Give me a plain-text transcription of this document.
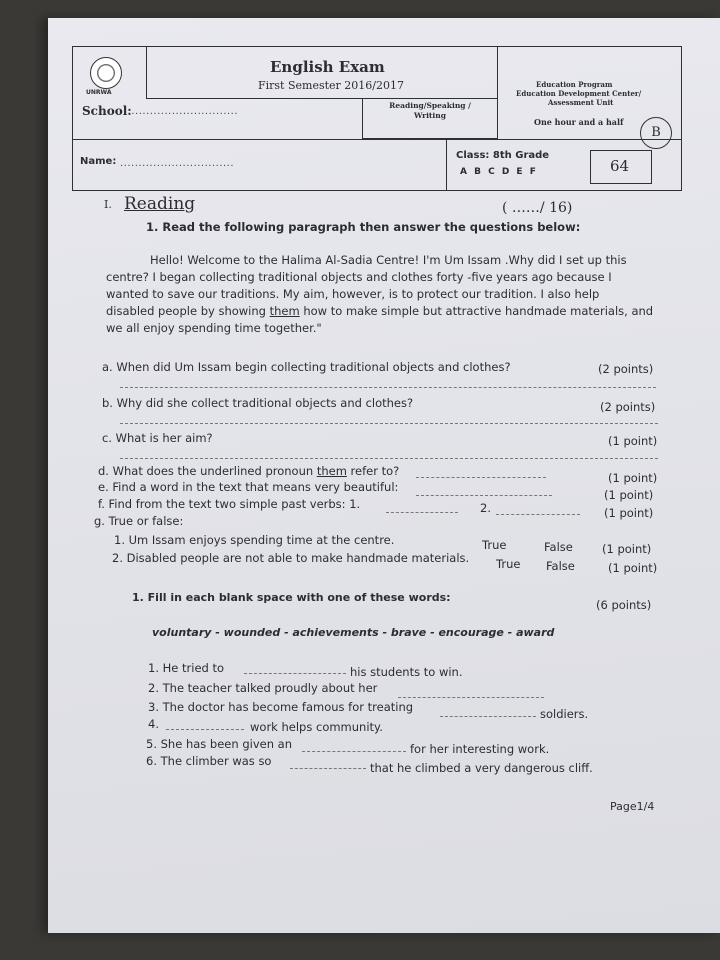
UNRWA
English Exam
First Semester 2016/2017
School:
...............................
Reading/Speaking / Writing
Education Program
Education Development Center/
Assessment Unit
One hour and a half
B
Name: ...............................
Class: 8th Grade
A B C D E F	64
I. Reading	( ……/ 16)
1. Read the following paragraph then answer the questions below:
Hello! Welcome to the Halima Al-Sadia Centre! I'm Um Issam .Why did I set up this
centre? I began collecting traditional objects and clothes forty -five years ago because I
wanted to save our traditions. My aim, however, is to protect our tradition. I also help
disabled people by showing them how to make simple but attractive handmade materials, and
we all enjoy spending time together."
a. When did Um Issam begin collecting traditional objects and clothes?	(2 points)
b. Why did she collect traditional objects and clothes?	(2 points)
c. What is her aim?	(1 point)
d. What does the underlined pronoun them refer to?	(1 point)
e. Find a word in the text that means very beautiful:
(1 point)
f. Find from the text two simple past verbs: 1.	2.	(1 point)
g. True or false:
1. Um Issam enjoys spending time at the centre.	True	False	(1 point)
2. Disabled people are not able to make handmade materials. True False	(1 point)
1. Fill in each blank space with one of these words:
(6 points)
voluntary - wounded - achievements - brave - encourage - award
1. He tried to	his students to win.
2. The teacher talked proudly about her
3. The doctor has become famous for treating	soldiers.
4.	work helps community.
5. She has been given an	for her interesting work.
6. The climber was so	that he climbed a very dangerous cliff.
Page1/4
